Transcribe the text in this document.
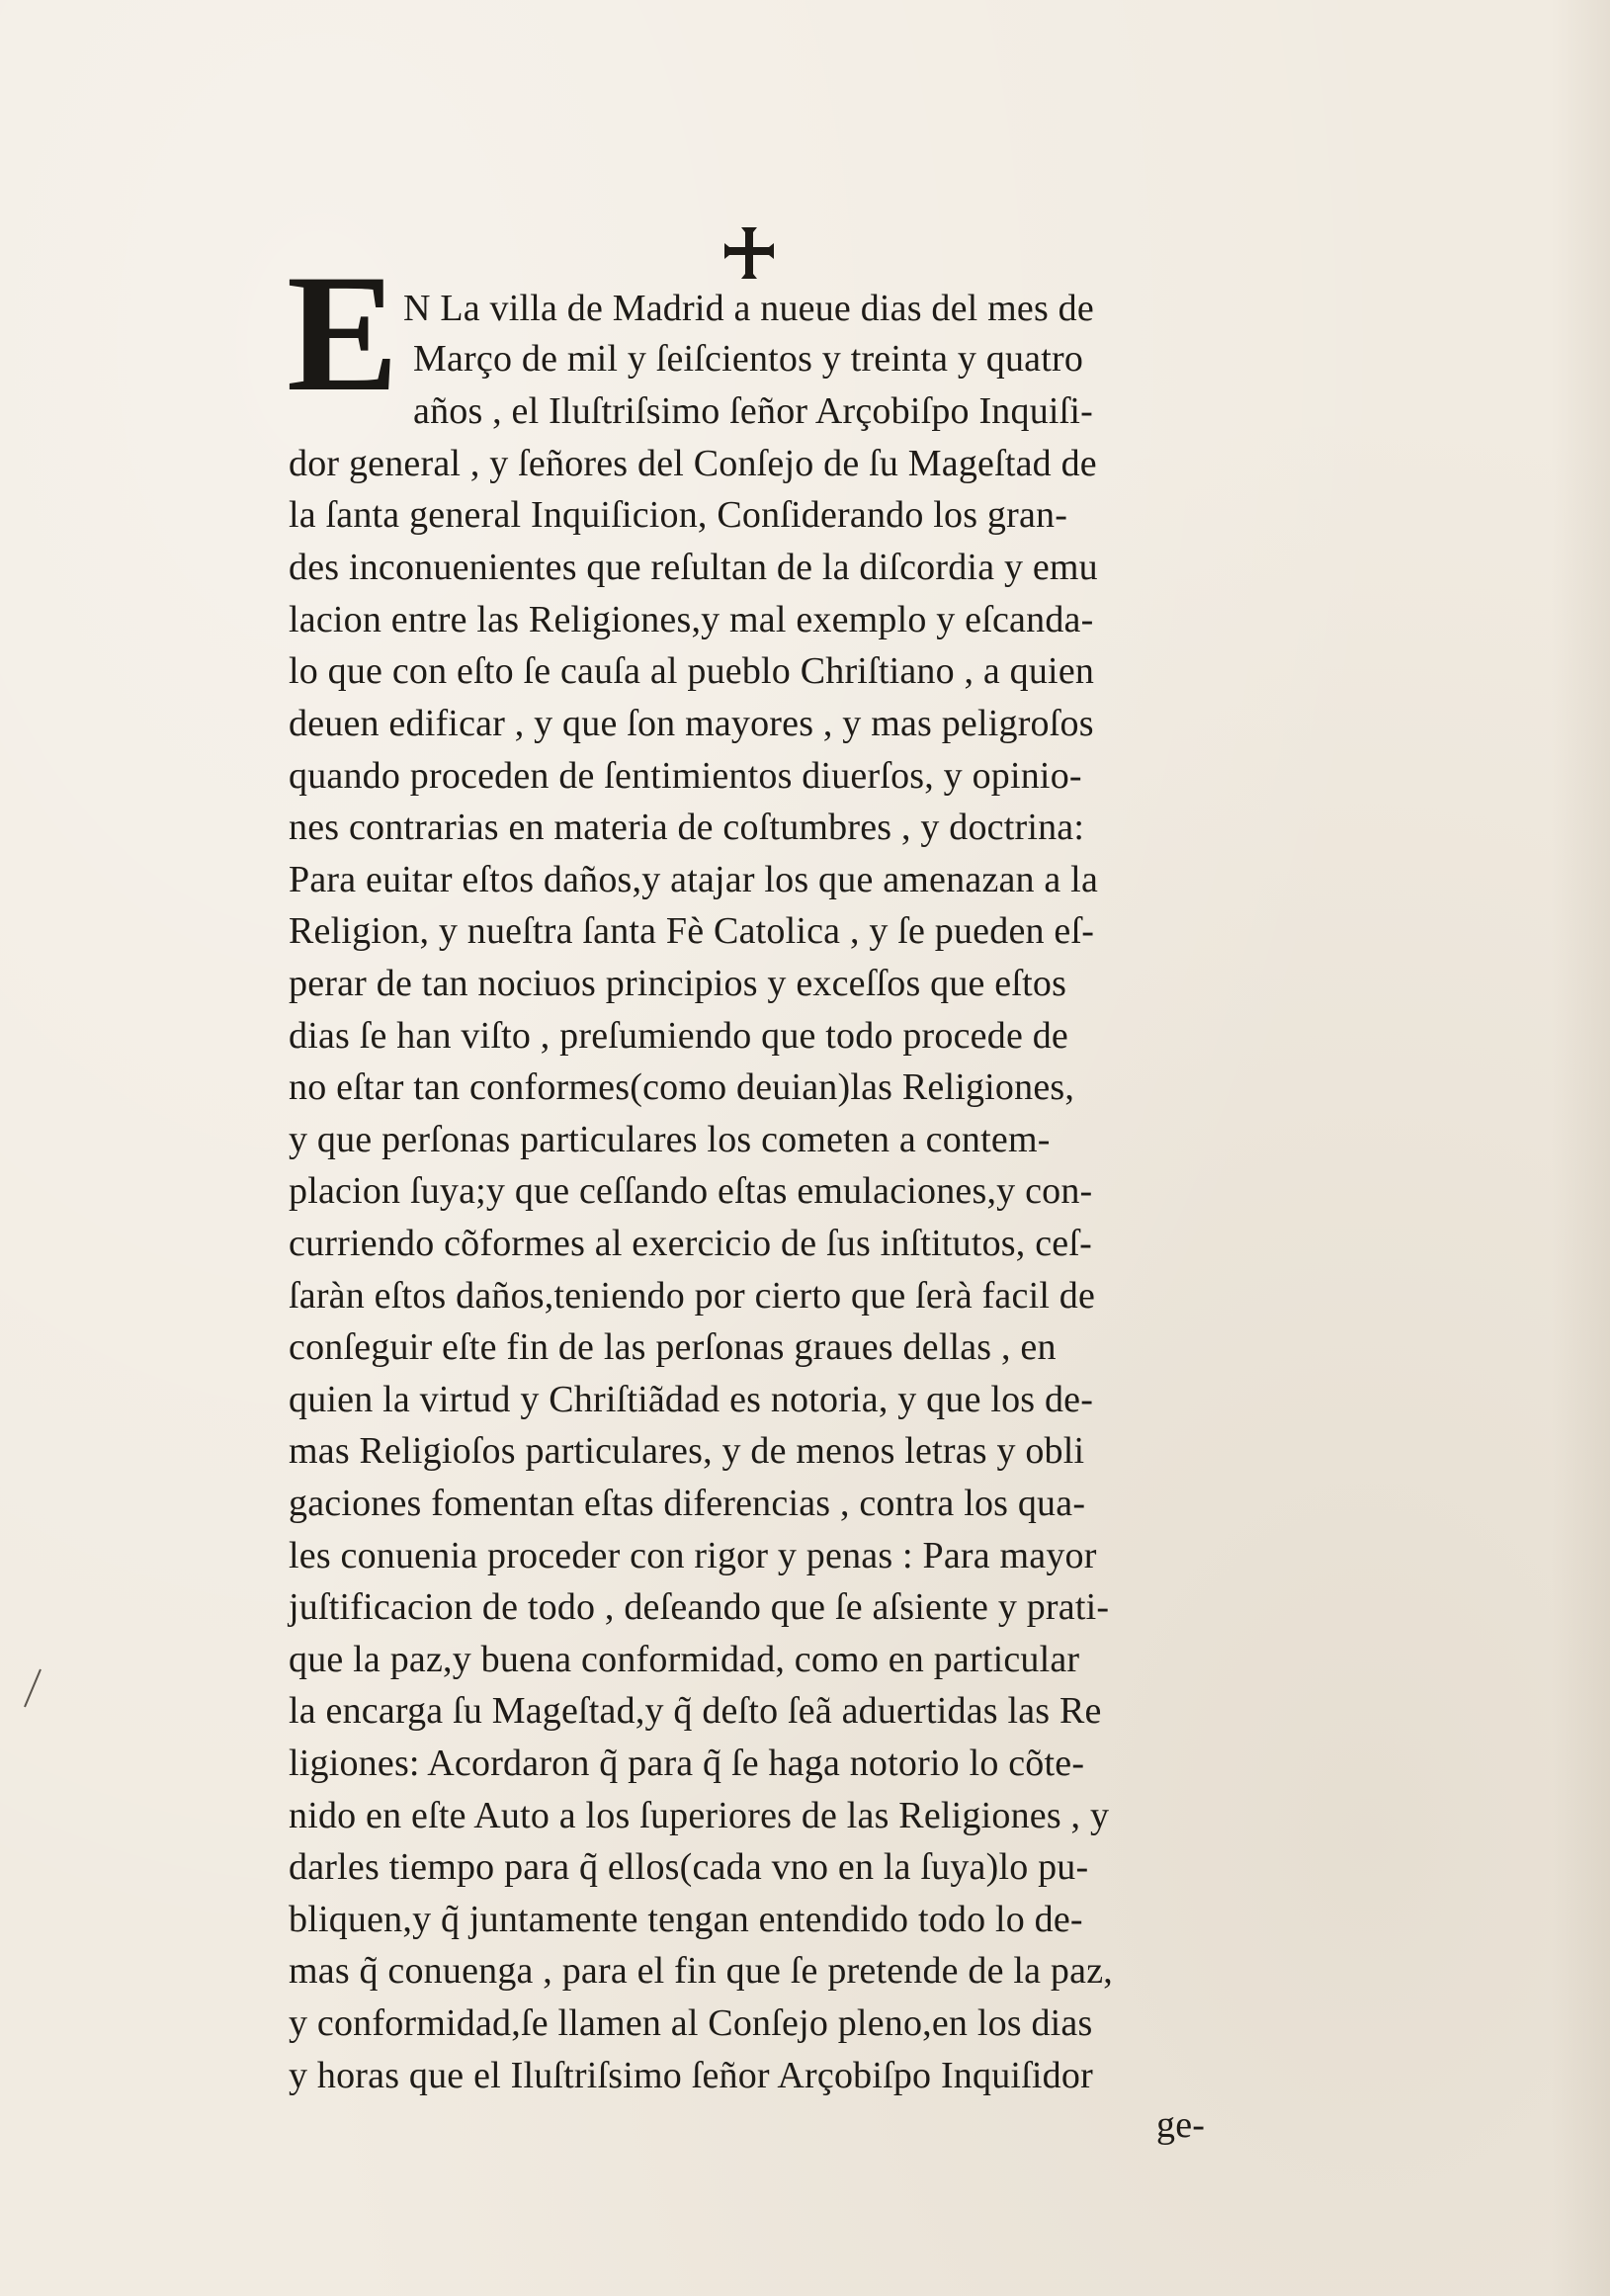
E N La villa de Madrid a nueue dias del mes de
Março de mil y ſeiſcientos y treinta y quatro
años , el Iluſtriſsimo ſeñor Arçobiſpo Inquiſi-
dor general , y ſeñores del Conſejo de ſu Mageſtad de
la ſanta general Inquiſicion, Conſiderando los gran-
des inconuenientes que reſultan de la diſcordia y emu
lacion entre las Religiones,y mal exemplo y eſcanda-
lo que con eſto ſe cauſa al pueblo Chriſtiano , a quien
deuen edificar , y que ſon mayores , y mas peligroſos
quando proceden de ſentimientos diuerſos, y opinio-
nes contrarias en materia de coſtumbres , y doctrina:
Para euitar eſtos daños,y atajar los que amenazan a la
Religion, y nueſtra ſanta Fè Catolica , y ſe pueden eſ-
perar de tan nociuos principios y exceſſos que eſtos
dias ſe han viſto , preſumiendo que todo procede de
no eſtar tan conformes(como deuian)las Religiones,
y que perſonas particulares los cometen a contem-
placion ſuya;y que ceſſando eſtas emulaciones,y con-
curriendo cõformes al exercicio de ſus inſtitutos, ceſ-
ſaràn eſtos daños,teniendo por cierto que ſerà facil de
conſeguir eſte fin de las perſonas graues dellas , en
quien la virtud y Chriſtiãdad es notoria, y que los de-
mas Religioſos particulares, y de menos letras y obli
gaciones fomentan eſtas diferencias , contra los qua-
les conuenia proceder con rigor y penas : Para mayor
juſtificacion de todo , deſeando que ſe aſsiente y prati-
que la paz,y buena conformidad, como en particular
la encarga ſu Mageſtad,y q̃ deſto ſeã aduertidas las Re
ligiones: Acordaron q̃ para q̃ ſe haga notorio lo cõte-
nido en eſte Auto a los ſuperiores de las Religiones , y
darles tiempo para q̃ ellos(cada vno en la ſuya)lo pu-
bliquen,y q̃ juntamente tengan entendido todo lo de-
mas q̃ conuenga , para el fin que ſe pretende de la paz,
y conformidad,ſe llamen al Conſejo pleno,en los dias
y horas que el Iluſtriſsimo ſeñor Arçobiſpo Inquiſidor
ge-
